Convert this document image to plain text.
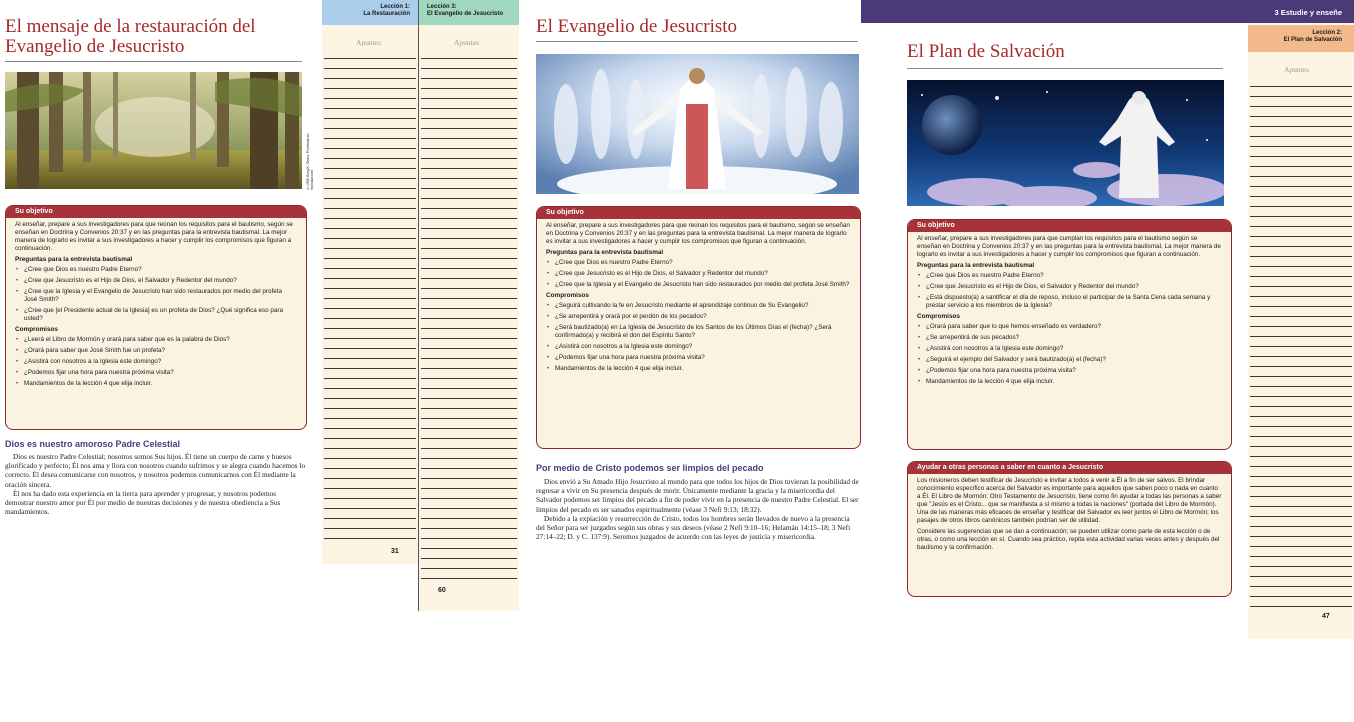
El mensaje de la restauración del Evangelio de Jesucristo
©1985 Greg K. Olsen, Prohibida su reproducción
Su objetivo

Al enseñar, prepare a sus investigadores para que reúnan los requisitos para el bautismo, según se enseñan en Doctrina y Convenios 20:37 y en las preguntas para la entrevista bautismal. La mejor manera de lograrlo es invitar a sus investigadores a hacer y cumplir los compromisos que figuran a continuación.

Preguntas para la entrevista bautismal
• ¿Cree que Dios es nuestro Padre Eterno?
• ¿Cree que Jesucristo es el Hijo de Dios, el Salvador y Redentor del mundo?
• ¿Cree que la Iglesia y el Evangelio de Jesucristo han sido restaurados por medio del profeta José Smith?
• ¿Cree que [el Presidente actual de la Iglesia] es un profeta de Dios? ¿Qué significa eso para usted?
Compromisos
• ¿Leerá el Libro de Mormón y orará para saber que es la palabra de Dios?
• ¿Orará para saber que José Smith fue un profeta?
• ¿Asistirá con nosotros a la Iglesia este domingo?
• ¿Podemos fijar una hora para nuestra próxima visita?
• Mandamientos de la lección 4 que elija incluir.
Dios es nuestro amoroso Padre Celestial

Dios es nuestro Padre Celestial; nosotros somos Sus hijos. Él tiene un cuerpo de carne y huesos glorificado y perfecto; Él nos ama y llora con nosotros cuando sufrimos y se alegra cuando hacemos lo correcto. Él desea comunicarse con nosotros, y nosotros podemos comunicarnos con Él mediante la oración sincera.

Él nos ha dado esta experiencia en la tierra para aprender y progresar, y nosotros podemos demostrar nuestro amor por Él por medio de nuestras decisiones y de nuestra obediencia a Sus mandamientos.

Lección 1:
La Restauración
Lección 3:
El Evangelio de Jesucristo
Apuntes	Apuntes
31
60
El Evangelio de Jesucristo
Su objetivo

Al enseñar, prepare a sus investigadores para que reúnan los requisitos para el bautismo, según se enseñan en Doctrina y Convenios 20:37 y en las preguntas para la entrevista bautismal. La mejor manera de lograrlo es invitar a sus investigadores a hacer y cumplir los compromisos que figuran a continuación.

Preguntas para la entrevista bautismal
• ¿Cree que Dios es nuestro Padre Eterno?
• ¿Cree que Jesucristo es el Hijo de Dios, el Salvador y Redentor del mundo?
• ¿Cree que la Iglesia y el Evangelio de Jesucristo han sido restaurados por medio del profeta José Smith?
Compromisos
• ¿Seguirá cultivando la fe en Jesucristo mediante el aprendizaje continuo de Su Evangelio?
• ¿Se arrepentirá y orará por el perdón de los pecados?
• ¿Será bautizado(a) en La Iglesia de Jesucristo de los Santos de los Últimos Días el (fecha)? ¿Será confirmado(a) y recibirá el don del Espíritu Santo?
• ¿Asistirá con nosotros a la Iglesia este domingo?
• ¿Podemos fijar una hora para nuestra próxima visita?
• Mandamientos de la lección 4 que elija incluir.
Por medio de Cristo podemos ser limpios del pecado

Dios envió a Su Amado Hijo Jesucristo al mundo para que todos los hijos de Dios tuvieran la posibilidad de regresar a vivir en Su presencia después de morir. Únicamente mediante la gracia y la misericordia del Salvador podemos ser limpios del pecado a fin de poder vivir en la presencia de nuestro Padre Celestial. El ser limpios del pecado es ser sanados espiritualmente (véase 3 Nefi 9:13; 18:32).

Debido a la expiación y resurrección de Cristo, todos los hombres serán llevados de nuevo a la presencia del Señor para ser juzgados según sus obras y sus deseos (véase 2 Nefi 9:10–16; Helamán 14:15–18; 3 Nefi 27:14–22; D. y C. 137:9). Seremos juzgados de acuerdo con las leyes de justicia y misericordia.

3 Estudie y enseñe
Lección 2:
El Plan de Salvación
Apuntes
47
El Plan de Salvación
Su objetivo

Al enseñar, prepare a sus investigadores para que cumplan los requisitos para el bautismo según se enseñan en Doctrina y Convenios 20:37 y en las preguntas para la entrevista bautismal. La mejor manera de lograrlo es invitar a sus investigadores a hacer y cumplir los compromisos que figuran a continuación.

Preguntas para la entrevista bautismal
• ¿Cree que Dios es nuestro Padre Eterno?
• ¿Cree que Jesucristo es el Hijo de Dios, el Salvador y Redentor del mundo?
• ¿Está dispuesto(a) a santificar el día de reposo, incluso el participar de la Santa Cena cada semana y prestar servicio a los miembros de la Iglesia?
Compromisos
• ¿Orará para saber que lo que hemos enseñado es verdadero?
• ¿Se arrepentirá de sus pecados?
• ¿Asistirá con nosotros a la Iglesia este domingo?
• ¿Seguirá el ejemplo del Salvador y será bautizado(a) el (fecha)?
• ¿Podemos fijar una hora para nuestra próxima visita?
• Mandamientos de la lección 4 que elija incluir.
Ayudar a otras personas a saber en cuanto a Jesucristo

Los misioneros deben testificar de Jesucristo e invitar a todos a venir a Él a fin de ser salvos. El brindar conocimiento específico acerca del Salvador es importante para aquellos que saben poco o nada en cuanto a Él. El Libro de Mormón: Otro Testamento de Jesucristo, tiene como fin ayudar a todas las personas a saber que "Jesús es el Cristo... que se manifiesta a sí mismo a todas la naciones" (portada del Libro de Mormón). Una de las maneras más eficaces de enseñar y testificar del Salvador es leer juntos el Libro de Mormón; los pasajes de otros libros canónicos también podrían ser de utilidad.

Considere las sugerencias que se dan a continuación; se pueden utilizar como parte de esta lección o de otras, o como una lección en sí. Cuando sea práctico, repita esta actividad varias veces antes y después del bautismo y la confirmación.
